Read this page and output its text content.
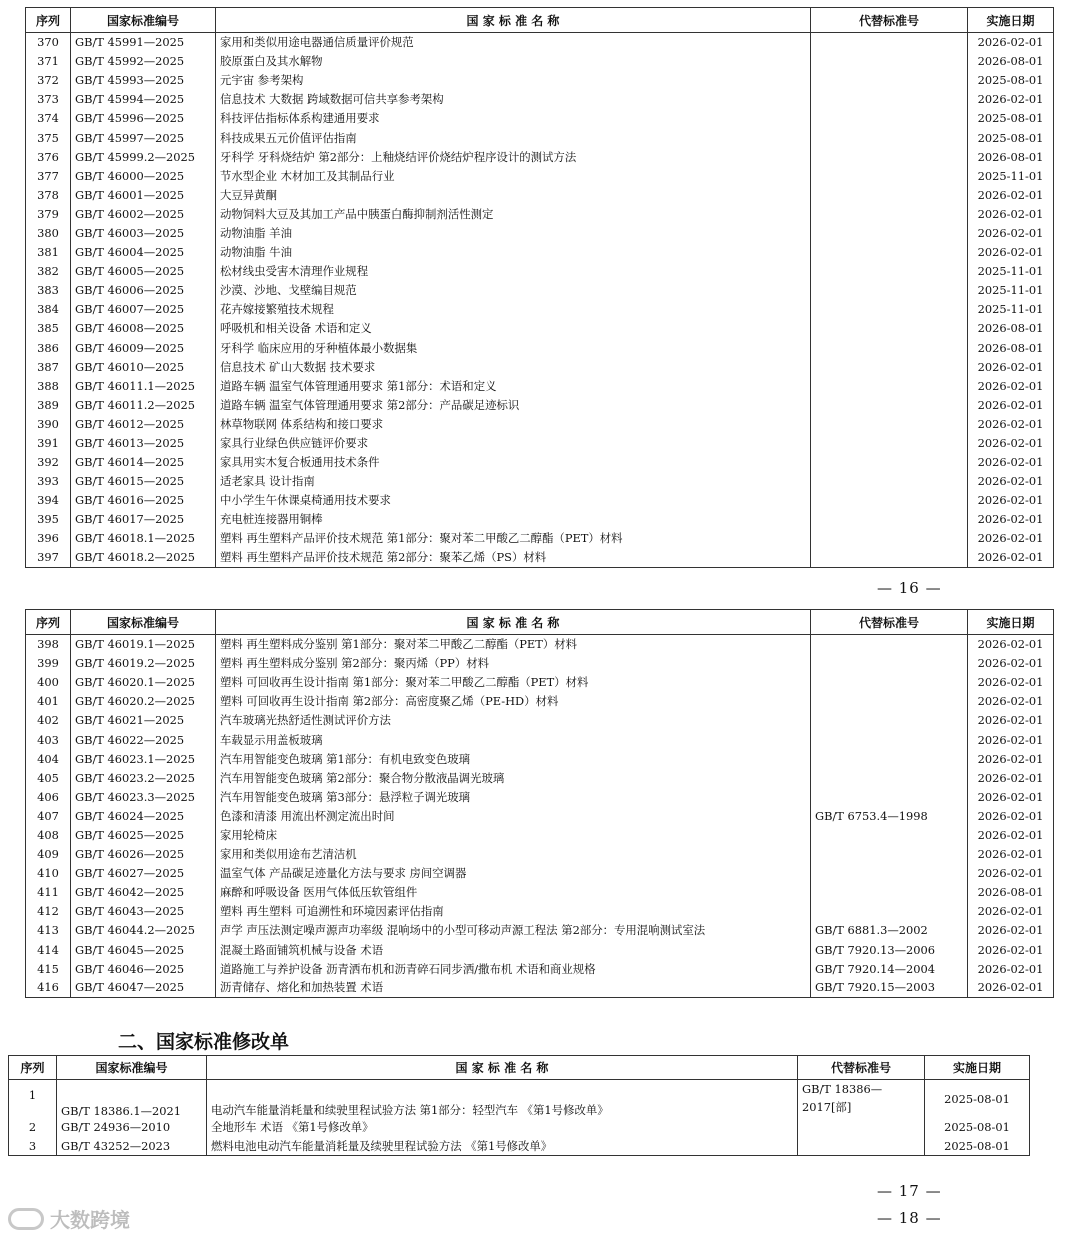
序列	国家标准编号	国 家 标 准 名 称	代替标准号	实施日期
370	GB/T 45991—2025	家用和类似用途电器通信质量评价规范		2026-02-01
371	GB/T 45992—2025	胶原蛋白及其水解物		2026-08-01
372	GB/T 45993—2025	元宇宙 参考架构		2025-08-01
373	GB/T 45994—2025	信息技术 大数据 跨域数据可信共享参考架构		2026-02-01
374	GB/T 45996—2025	科技评估指标体系构建通用要求		2025-08-01
375	GB/T 45997—2025	科技成果五元价值评估指南		2025-08-01
376	GB/T 45999.2—2025	牙科学 牙科烧结炉 第2部分：上釉烧结评价烧结炉程序设计的测试方法		2026-08-01
377	GB/T 46000—2025	节水型企业 木材加工及其制品行业		2025-11-01
378	GB/T 46001—2025	大豆异黄酮		2026-02-01
379	GB/T 46002—2025	动物饲料大豆及其加工产品中胰蛋白酶抑制剂活性测定		2026-02-01
380	GB/T 46003—2025	动物油脂 羊油		2026-02-01
381	GB/T 46004—2025	动物油脂 牛油		2026-02-01
382	GB/T 46005—2025	松材线虫受害木清理作业规程		2025-11-01
383	GB/T 46006—2025	沙漠、沙地、戈壁编目规范		2025-11-01
384	GB/T 46007—2025	花卉嫁接繁殖技术规程		2025-11-01
385	GB/T 46008—2025	呼吸机和相关设备 术语和定义		2026-08-01
386	GB/T 46009—2025	牙科学 临床应用的牙种植体最小数据集		2026-08-01
387	GB/T 46010—2025	信息技术 矿山大数据 技术要求		2026-02-01
388	GB/T 46011.1—2025	道路车辆 温室气体管理通用要求 第1部分：术语和定义		2026-02-01
389	GB/T 46011.2—2025	道路车辆 温室气体管理通用要求 第2部分：产品碳足迹标识		2026-02-01
390	GB/T 46012—2025	林草物联网 体系结构和接口要求		2026-02-01
391	GB/T 46013—2025	家具行业绿色供应链评价要求		2026-02-01
392	GB/T 46014—2025	家具用实木复合板通用技术条件		2026-02-01
393	GB/T 46015—2025	适老家具 设计指南		2026-02-01
394	GB/T 46016—2025	中小学生午休课桌椅通用技术要求		2026-02-01
395	GB/T 46017—2025	充电桩连接器用铜棒		2026-02-01
396	GB/T 46018.1—2025	塑料 再生塑料产品评价技术规范 第1部分：聚对苯二甲酸乙二醇酯（PET）材料		2026-02-01
397	GB/T 46018.2—2025	塑料 再生塑料产品评价技术规范 第2部分：聚苯乙烯（PS）材料		2026-02-01
— 16 —
序列	国家标准编号	国 家 标 准 名 称	代替标准号	实施日期
398	GB/T 46019.1—2025	塑料 再生塑料成分鉴别 第1部分：聚对苯二甲酸乙二醇酯（PET）材料		2026-02-01
399	GB/T 46019.2—2025	塑料 再生塑料成分鉴别 第2部分：聚丙烯（PP）材料		2026-02-01
400	GB/T 46020.1—2025	塑料 可回收再生设计指南 第1部分：聚对苯二甲酸乙二醇酯（PET）材料		2026-02-01
401	GB/T 46020.2—2025	塑料 可回收再生设计指南 第2部分：高密度聚乙烯（PE-HD）材料		2026-02-01
402	GB/T 46021—2025	汽车玻璃光热舒适性测试评价方法		2026-02-01
403	GB/T 46022—2025	车载显示用盖板玻璃		2026-02-01
404	GB/T 46023.1—2025	汽车用智能变色玻璃 第1部分：有机电致变色玻璃		2026-02-01
405	GB/T 46023.2—2025	汽车用智能变色玻璃 第2部分：聚合物分散液晶调光玻璃		2026-02-01
406	GB/T 46023.3—2025	汽车用智能变色玻璃 第3部分：悬浮粒子调光玻璃		2026-02-01
407	GB/T 46024—2025	色漆和清漆 用流出杯测定流出时间	GB/T 6753.4—1998	2026-02-01
408	GB/T 46025—2025	家用轮椅床		2026-02-01
409	GB/T 46026—2025	家用和类似用途布艺清洁机		2026-02-01
410	GB/T 46027—2025	温室气体 产品碳足迹量化方法与要求 房间空调器		2026-02-01
411	GB/T 46042—2025	麻醉和呼吸设备 医用气体低压软管组件		2026-08-01
412	GB/T 46043—2025	塑料 再生塑料 可追溯性和环境因素评估指南		2026-02-01
413	GB/T 46044.2—2025	声学 声压法测定噪声源声功率级 混响场中的小型可移动声源工程法 第2部分：专用混响测试室法	GB/T 6881.3—2002	2026-02-01
414	GB/T 46045—2025	混凝土路面铺筑机械与设备 术语	GB/T 7920.13—2006	2026-02-01
415	GB/T 46046—2025	道路施工与养护设备 沥青洒布机和沥青碎石同步洒/撒布机 术语和商业规格	GB/T 7920.14—2004	2026-02-01
416	GB/T 46047—2025	沥青储存、熔化和加热装置 术语	GB/T 7920.15—2003	2026-02-01
二、国家标准修改单
序列	国家标准编号	国 家 标 准 名 称	代替标准号	实施日期
1	GB/T 18386.1—2021	电动汽车能量消耗量和续驶里程试验方法 第1部分：轻型汽车 《第1号修改单》	GB/T 18386—2017[部]	2025-08-01
2	GB/T 24936—2010	全地形车 术语 《第1号修改单》		2025-08-01
3	GB/T 43252—2023	燃料电池电动汽车能量消耗量及续驶里程试验方法 《第1号修改单》		2025-08-01
— 17 —
— 18 —
大数跨境
